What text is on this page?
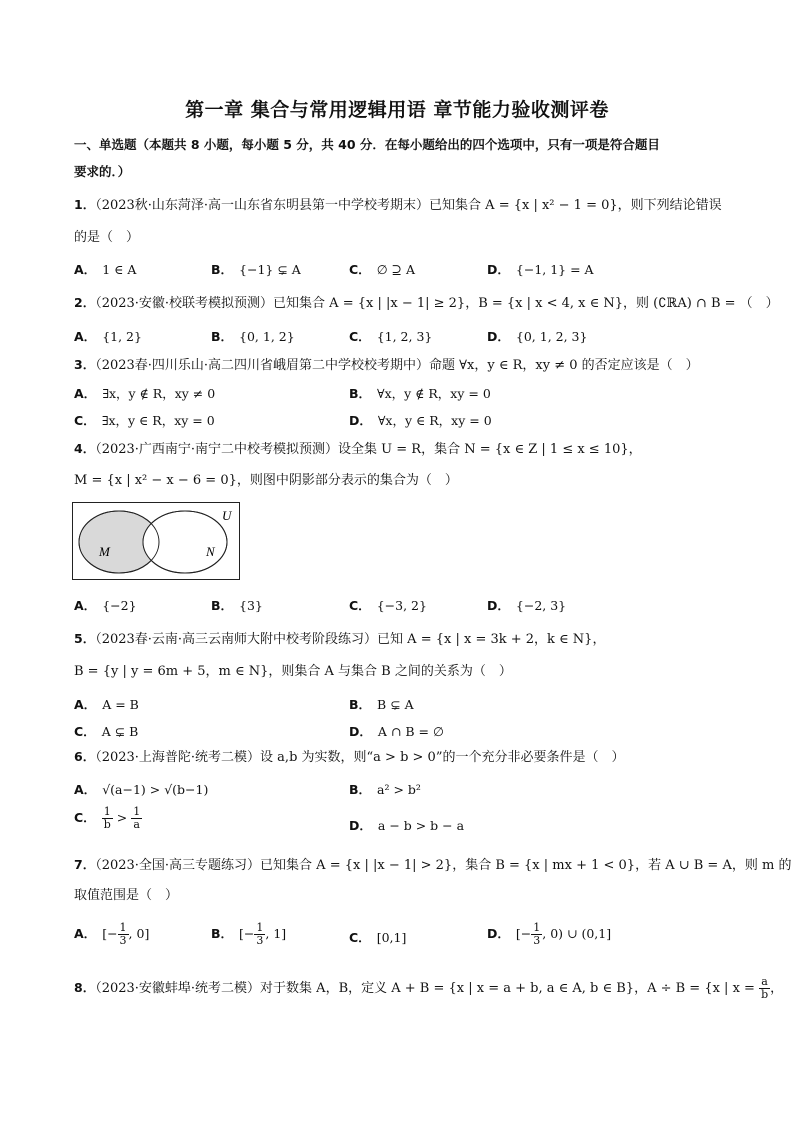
第一章 集合与常用逻辑用语 章节能力验收测评卷
一、单选题（本题共 8 小题，每小题 5 分，共 40 分．在每小题给出的四个选项中，只有一项是符合题目
要求的．）
1．（2023秋·山东菏泽·高一山东省东明县第一中学校考期末）已知集合 A = {x | x² − 1 = 0}，则下列结论错误
的是（　）
A． 1 ∈ A	B． {−1} ⊊ A	C． ∅ ⊇ A	D． {−1, 1} = A
2．（2023·安徽·校联考模拟预测）已知集合 A = {x | |x − 1| ≥ 2}，B = {x | x < 4, x ∈ N}，则 (∁ℝA) ∩ B = （　）
A． {1, 2}	B． {0, 1, 2}	C． {1, 2, 3}	D． {0, 1, 2, 3}
3．（2023春·四川乐山·高二四川省峨眉第二中学校校考期中）命题 ∀x，y ∈ R，xy ≠ 0 的否定应该是（　）
A． ∃x，y ∉ R，xy ≠ 0	B． ∀x，y ∉ R，xy = 0
C． ∃x，y ∈ R，xy = 0	D． ∀x，y ∈ R，xy = 0
4．（2023·广西南宁·南宁二中校考模拟预测）设全集 U = R，集合 N = {x ∈ Z | 1 ≤ x ≤ 10}，
M = {x | x² − x − 6 = 0}，则图中阴影部分表示的集合为（　）
U
M	N
A． {−2}	B． {3}	C． {−3, 2}	D． {−2, 3}
5．（2023春·云南·高三云南师大附中校考阶段练习）已知 A = {x | x = 3k + 2，k ∈ N}，
B = {y | y = 6m + 5，m ∈ N}，则集合 A 与集合 B 之间的关系为（　）
A． A = B	B． B ⊊ A
C． A ⊊ B	D． A ∩ B = ∅
6．（2023·上海普陀·统考二模）设 a,b 为实数，则“a > b > 0”的一个充分非必要条件是（　）
A． √(a−1) > √(b−1)	B． a² > b²
C． $\frac{1}{b} > \frac{1}{a}$	D． a − b > b − a
7．（2023·全国·高三专题练习）已知集合 A = {x | |x − 1| > 2}，集合 B = {x | mx + 1 < 0}，若 A ∪ B = A，则 m 的
取值范围是（　）
A． [− $\frac{1}{3}$ , 0]	B． [− $\frac{1}{3}$ , 1]	C． [0,1]	D． [− $\frac{1}{3}$ , 0) ∪ (0,1]
8．（2023·安徽蚌埠·统考二模）对于数集 A，B，定义 A + B = {x | x = a + b, a ∈ A, b ∈ B}，A ÷ B = {x | $x = \frac{a}{b}$ ，
